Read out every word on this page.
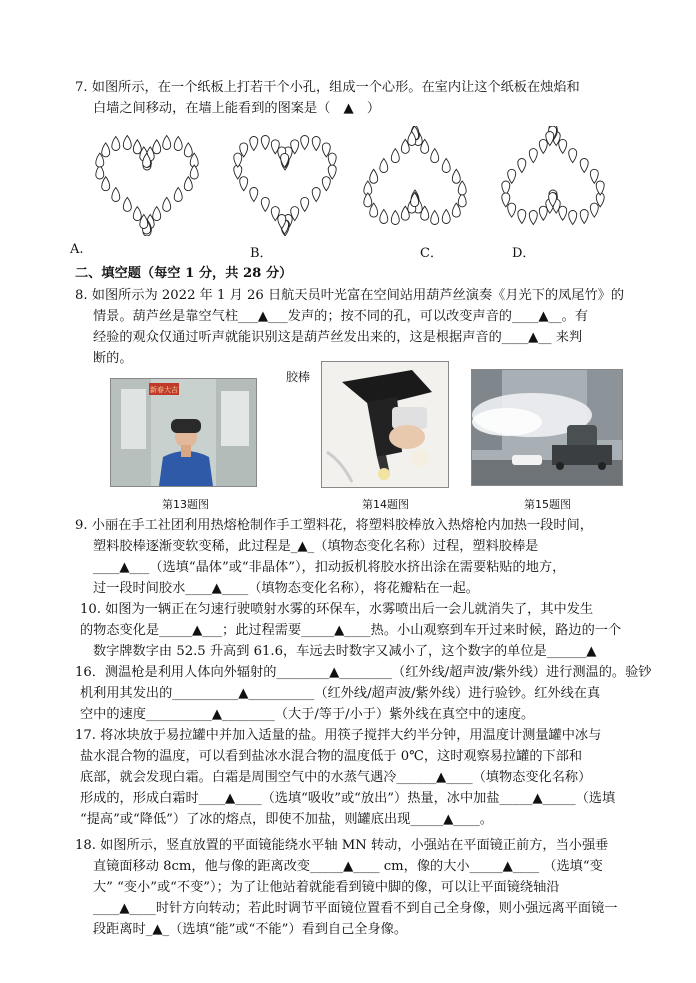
7. 如图所示，在一个纸板上打若干个小孔，组成一个心形。在室内让这个纸板在烛焰和
白墙之间移动，在墙上能看到的图案是（　▲　）
A.	B．	C．	D．
二、填空题（每空 1 分，共 28 分）
8. 如图所示为 2022 年 1 月 26 日航天员叶光富在空间站用葫芦丝演奏《月光下的凤尾竹》的
情景。葫芦丝是靠空气柱___▲___发声的；按不同的孔，可以改变声音的____▲__。有
经验的观众仅通过听声就能识别这是葫芦丝发出来的，这是根据声音的____▲__ 来判
断的。
新春大吉
胶棒
第13题图	第14题图	第15题图
9. 小丽在手工社团利用热熔枪制作手工塑料花，将塑料胶棒放入热熔枪内加热一段时间，
塑料胶棒逐渐变软变稀，此过程是_▲_（填物态变化名称）过程，塑料胶棒是
____▲___（选填“晶体”或“非晶体”），扣动扳机将胶水挤出涂在需要粘贴的地方，
过一段时间胶水____▲____（填物态变化名称），将花瓣粘在一起。
10. 如图为一辆正在匀速行驶喷射水雾的环保车，水雾喷出后一会儿就消失了，其中发生
的物态变化是_____▲___；此过程需要_____▲____热。小山观察到车开过来时候，路边的一个
数字牌数字由 52.5 升高到 61.6，车远去时数字又减小了，这个数字的单位是______▲
16．测温枪是利用人体向外辐射的________▲________（红外线/超声波/紫外线）进行测温的。验钞
机利用其发出的__________▲__________（红外线/超声波/紫外线）进行验钞。红外线在真
空中的速度__________▲________（大于/等于/小于）紫外线在真空中的速度。
17. 将冰块放于易拉罐中并加入适量的盐。用筷子搅拌大约半分钟，用温度计测量罐中冰与
盐水混合物的温度，可以看到盐冰水混合物的温度低于 0℃，这时观察易拉罐的下部和
底部，就会发现白霜。白霜是周围空气中的水蒸气遇冷______▲____（填物态变化名称）
形成的，形成白霜时____▲____（选填“吸收”或“放出”）热量，冰中加盐_____▲_____（选填
“提高”或“降低”）了冰的熔点，即使不加盐，则罐底出现_____▲____。
18. 如图所示，竖直放置的平面镜能绕水平轴 MN 转动，小强站在平面镜正前方，当小强垂
直镜面移动 8cm，他与像的距离改变_____▲____ cm，像的大小_____▲____ （选填“变
大” “变小”或“不变”）；为了让他站着就能看到镜中脚的像，可以让平面镜绕轴沿
____▲____时针方向转动；若此时调节平面镜位置看不到自己全身像，则小强远离平面镜一
段距离时_▲_（选填“能”或“不能”）看到自己全身像。
